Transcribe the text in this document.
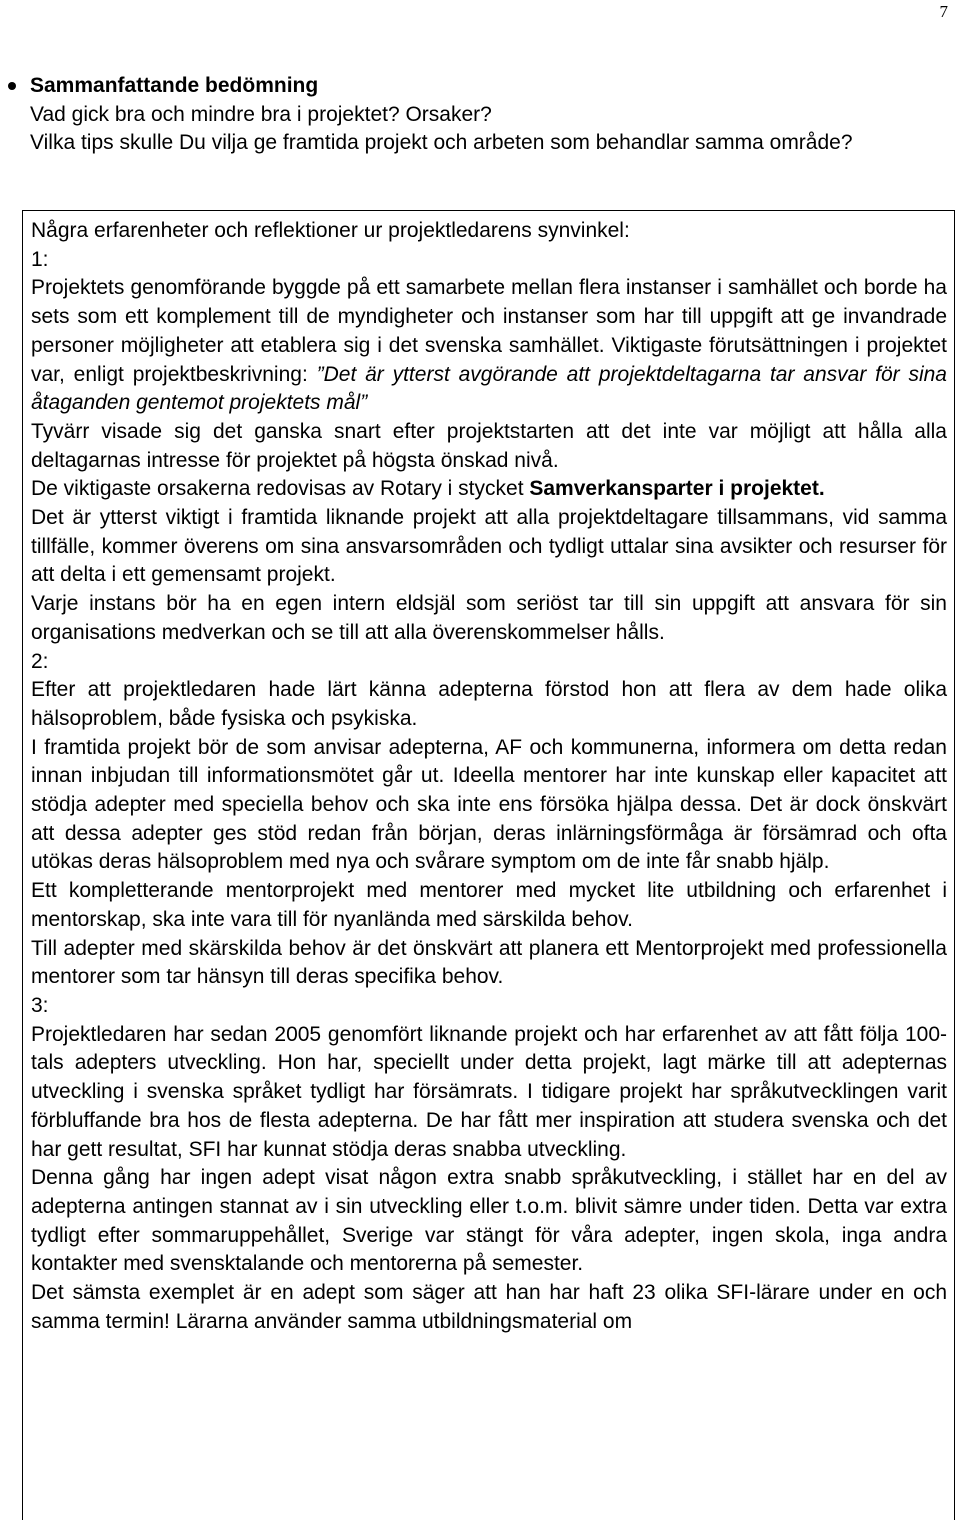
7
Sammanfattande bedömning
Vad gick bra och mindre bra i projektet? Orsaker?
Vilka tips skulle Du vilja ge framtida projekt och arbeten som behandlar samma område?

Några erfarenheter och reflektioner ur projektledarens synvinkel:

1:

Projektets genomförande byggde på ett samarbete mellan flera instanser i samhället och borde ha sets som ett komplement till de myndigheter och instanser som har till uppgift att ge invandrade personer möjligheter att etablera sig i det svenska samhället. Viktigaste förutsättningen i projektet var, enligt projektbeskrivning: ”Det är ytterst avgörande att projektdeltagarna tar ansvar för sina åtaganden gentemot projektets mål”

Tyvärr visade sig det ganska snart efter projektstarten att det inte var möjligt att hålla alla deltagarnas intresse för projektet på högsta önskad nivå.

De viktigaste orsakerna redovisas av Rotary i stycket Samverkansparter i projektet.

Det är ytterst viktigt i framtida liknande projekt att alla projektdeltagare tillsammans, vid samma tillfälle, kommer överens om sina ansvarsområden och tydligt uttalar sina avsikter och resurser för att delta i ett gemensamt projekt.

Varje instans bör ha en egen intern eldsjäl som seriöst tar till sin uppgift att ansvara för sin organisations medverkan och se till att alla överenskommelser hålls.

2:

Efter att projektledaren hade lärt känna adepterna förstod hon att flera av dem hade olika hälsoproblem, både fysiska och psykiska.

I framtida projekt bör de som anvisar adepterna, AF och kommunerna, informera om detta redan innan inbjudan till informationsmötet går ut. Ideella mentorer har inte kunskap eller kapacitet att stödja adepter med speciella behov och ska inte ens försöka hjälpa dessa. Det är dock önskvärt att dessa adepter ges stöd redan från början, deras inlärningsförmåga är försämrad och ofta utökas deras hälsoproblem med nya och svårare symptom om de inte får snabb hjälp.

Ett kompletterande mentorprojekt med mentorer med mycket lite utbildning och erfarenhet i mentorskap, ska inte vara till för nyanlända med särskilda behov.

Till adepter med skärskilda behov är det önskvärt att planera ett Mentorprojekt med professionella mentorer som tar hänsyn till deras specifika behov.

3:

Projektledaren har sedan 2005 genomfört liknande projekt och har erfarenhet av att fått följa 100-tals adepters utveckling. Hon har, speciellt under detta projekt, lagt märke till att adepternas utveckling i svenska språket tydligt har försämrats. I tidigare projekt har språkutvecklingen varit förbluffande bra hos de flesta adepterna. De har fått mer inspiration att studera svenska och det har gett resultat, SFI har kunnat stödja deras snabba utveckling.

Denna gång har ingen adept visat någon extra snabb språkutveckling, i stället har en del av adepterna antingen stannat av i sin utveckling eller t.o.m. blivit sämre under tiden. Detta var extra tydligt efter sommaruppehållet, Sverige var stängt för våra adepter, ingen skola, inga andra kontakter med svensktalande och mentorerna på semester.

Det sämsta exemplet är en adept som säger att han har haft 23 olika SFI-lärare under en och samma termin! Lärarna använder samma utbildningsmaterial om
